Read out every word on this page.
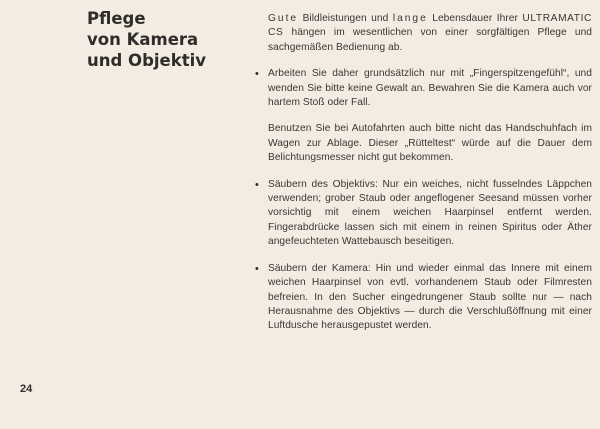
Pflege
von Kamera
und Objektiv

Gute Bildleistungen und lange Lebensdauer Ihrer ULTRAMATIC CS hängen im wesentlichen von einer sorgfältigen Pflege und sachgemäßen Bedienung ab.

• Arbeiten Sie daher grundsätzlich nur mit „Fingerspitzengefühl“, und wenden Sie bitte keine Gewalt an. Bewahren Sie die Kamera auch vor hartem Stoß oder Fall.
Benutzen Sie bei Autofahrten auch bitte nicht das Handschuhfach im Wagen zur Ablage. Dieser „Rütteltest“ würde auf die Dauer dem Belichtungsmesser nicht gut bekommen.
• Säubern des Objektivs: Nur ein weiches, nicht fusselndes Läppchen verwenden; grober Staub oder angeflogener Seesand müssen vorher vorsichtig mit einem weichen Haarpinsel entfernt werden. Fingerabdrücke lassen sich mit einem in reinen Spiritus oder Äther angefeuchteten Wattebausch beseitigen.
• Säubern der Kamera: Hin und wieder einmal das Innere mit einem weichen Haarpinsel von evtl. vorhandenem Staub oder Filmresten befreien. In den Sucher eingedrungener Staub sollte nur — nach Herausnahme des Objektivs — durch die Verschlußöffnung mit einer Luftdusche herausgepustet werden.
24
